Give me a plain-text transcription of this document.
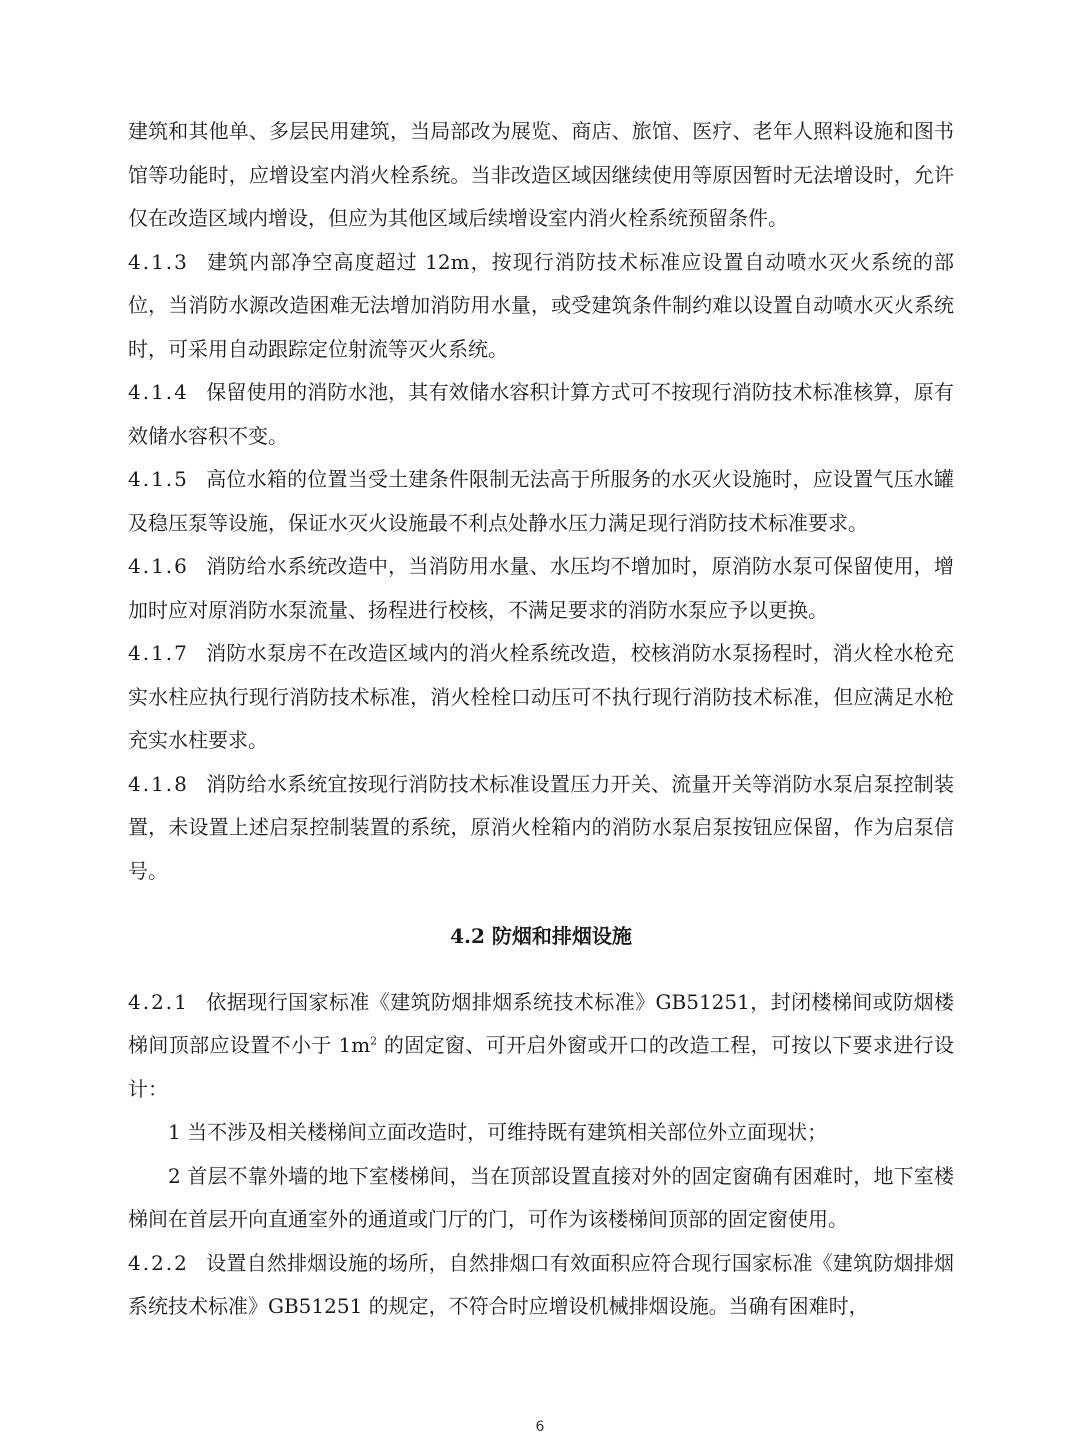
建筑和其他单、多层民用建筑，当局部改为展览、商店、旅馆、医疗、老年人照料设施和图书馆等功能时，应增设室内消火栓系统。当非改造区域因继续使用等原因暂时无法增设时，允许仅在改造区域内增设，但应为其他区域后续增设室内消火栓系统预留条件。

4.1.3 建筑内部净空高度超过 12m，按现行消防技术标准应设置自动喷水灭火系统的部位，当消防水源改造困难无法增加消防用水量，或受建筑条件制约难以设置自动喷水灭火系统时，可采用自动跟踪定位射流等灭火系统。

4.1.4 保留使用的消防水池，其有效储水容积计算方式可不按现行消防技术标准核算，原有效储水容积不变。

4.1.5 高位水箱的位置当受土建条件限制无法高于所服务的水灭火设施时，应设置气压水罐及稳压泵等设施，保证水灭火设施最不利点处静水压力满足现行消防技术标准要求。

4.1.6 消防给水系统改造中，当消防用水量、水压均不增加时，原消防水泵可保留使用，增加时应对原消防水泵流量、扬程进行校核，不满足要求的消防水泵应予以更换。

4.1.7 消防水泵房不在改造区域内的消火栓系统改造，校核消防水泵扬程时，消火栓水枪充实水柱应执行现行消防技术标准，消火栓栓口动压可不执行现行消防技术标准，但应满足水枪充实水柱要求。

4.1.8 消防给水系统宜按现行消防技术标准设置压力开关、流量开关等消防水泵启泵控制装置，未设置上述启泵控制装置的系统，原消火栓箱内的消防水泵启泵按钮应保留，作为启泵信号。

4.2 防烟和排烟设施

4.2.1 依据现行国家标准《建筑防烟排烟系统技术标准》GB51251，封闭楼梯间或防烟楼梯间顶部应设置不小于 $1m^2$ 的固定窗、可开启外窗或开口的改造工程，可按以下要求进行设计：

1 当不涉及相关楼梯间立面改造时，可维持既有建筑相关部位外立面现状；

2 首层不靠外墙的地下室楼梯间，当在顶部设置直接对外的固定窗确有困难时，地下室楼梯间在首层开向直通室外的通道或门厅的门，可作为该楼梯间顶部的固定窗使用。

4.2.2 设置自然排烟设施的场所，自然排烟口有效面积应符合现行国家标准《建筑防烟排烟系统技术标准》GB51251 的规定，不符合时应增设机械排烟设施。当确有困难时，

6
